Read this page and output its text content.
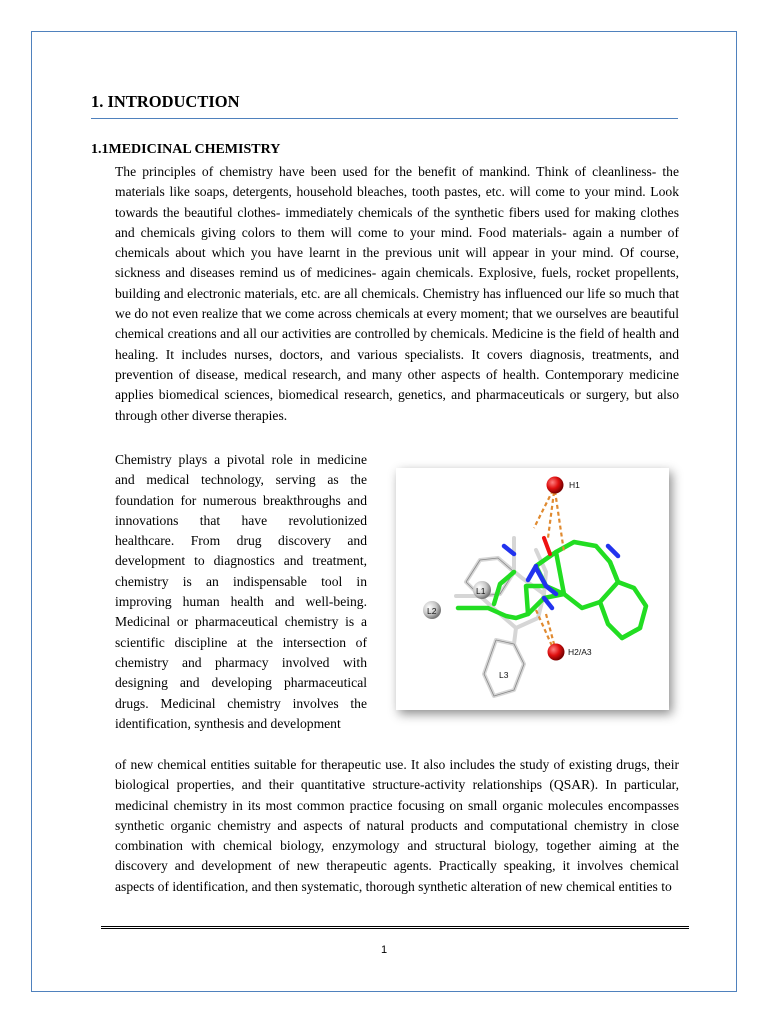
1. INTRODUCTION
1.1MEDICINAL CHEMISTRY

The principles of chemistry have been used for the benefit of mankind. Think of cleanliness- the materials like soaps, detergents, household bleaches, tooth pastes, etc. will come to your mind. Look towards the beautiful clothes- immediately chemicals of the synthetic fibers used for making clothes and chemicals giving colors to them will come to your mind. Food materials- again a number of chemicals about which you have learnt in the previous unit will appear in your mind. Of course, sickness and diseases remind us of medicines- again chemicals. Explosive, fuels, rocket propellents, building and electronic materials, etc. are all chemicals. Chemistry has influenced our life so much that we do not even realize that we come across chemicals at every moment; that we ourselves are beautiful chemical creations and all our activities are controlled by chemicals. Medicine is the field of health and healing. It includes nurses, doctors, and various specialists. It covers diagnosis, treatments, and prevention of disease, medical research, and many other aspects of health. Contemporary medicine applies biomedical sciences, biomedical research, genetics, and pharmaceuticals or surgery, but also through other diverse therapies.

Chemistry plays a pivotal role in medicine and medical technology, serving as the foundation for numerous breakthroughs and innovations that have revolutionized healthcare. From drug discovery and development to diagnostics and treatment, chemistry is an indispensable tool in improving human health and well-being. Medicinal or pharmaceutical chemistry is a scientific discipline at the intersection of chemistry and pharmacy involved with designing and developing pharmaceutical drugs. Medicinal chemistry involves the identification, synthesis and development

H1
H2/A3
L1
L2
L3

of new chemical entities suitable for therapeutic use. It also includes the study of existing drugs, their biological properties, and their quantitative structure-activity relationships (QSAR). In particular, medicinal chemistry in its most common practice focusing on small organic molecules encompasses synthetic organic chemistry and aspects of natural products and computational chemistry in close combination with chemical biology, enzymology and structural biology, together aiming at the discovery and development of new therapeutic agents. Practically speaking, it involves chemical aspects of identification, and then systematic, thorough synthetic alteration of new chemical entities to

1
